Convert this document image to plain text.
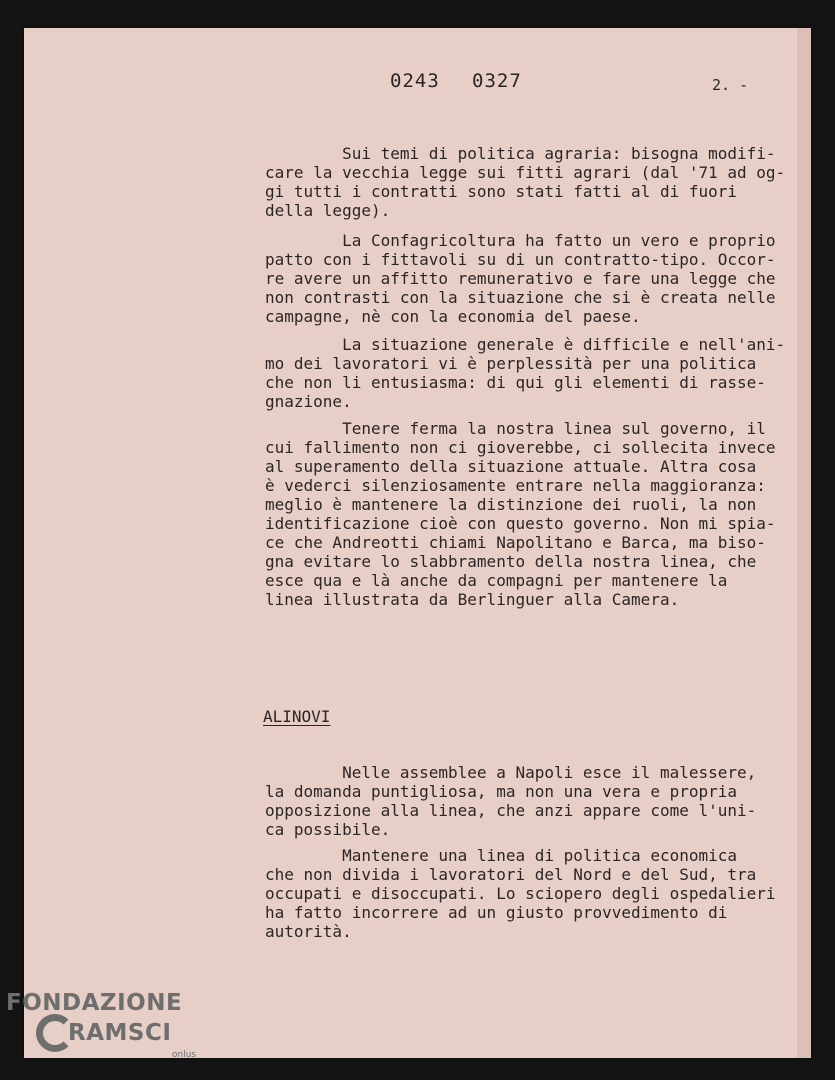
0243 0327	2. -
Sui temi di politica agraria: bisogna modifi-
care la vecchia legge sui fitti agrari (dal '71 ad og-
gi tutti i contratti sono stati fatti al di fuori
della legge).
La Confagricoltura ha fatto un vero e proprio
patto con i fittavoli su di un contratto-tipo. Occor-
re avere un affitto remunerativo e fare una legge che
non contrasti con la situazione che si è creata nelle
campagne, nè con la economia del paese.
La situazione generale è difficile e nell'ani-
mo dei lavoratori vi è perplessità per una politica
che non li entusiasma: di qui gli elementi di rasse-
gnazione.
Tenere ferma la nostra linea sul governo, il
cui fallimento non ci gioverebbe, ci sollecita invece
al superamento della situazione attuale. Altra cosa
è vederci silenziosamente entrare nella maggioranza:
meglio è mantenere la distinzione dei ruoli, la non
identificazione cioè con questo governo. Non mi spia-
ce che Andreotti chiami Napolitano e Barca, ma biso-
gna evitare lo slabbramento della nostra linea, che
esce qua e là anche da compagni per mantenere la
linea illustrata da Berlinguer alla Camera.
ALINOVI
Nelle assemblee a Napoli esce il malessere,
la domanda puntigliosa, ma non una vera e propria
opposizione alla linea, che anzi appare come l'uni-
ca possibile.
Mantenere una linea di politica economica
che non divida i lavoratori del Nord e del Sud, tra
occupati e disoccupati. Lo sciopero degli ospedalieri
ha fatto incorrere ad un giusto provvedimento di
autorità.
FONDAZIONE
RAMSCI
onlus
